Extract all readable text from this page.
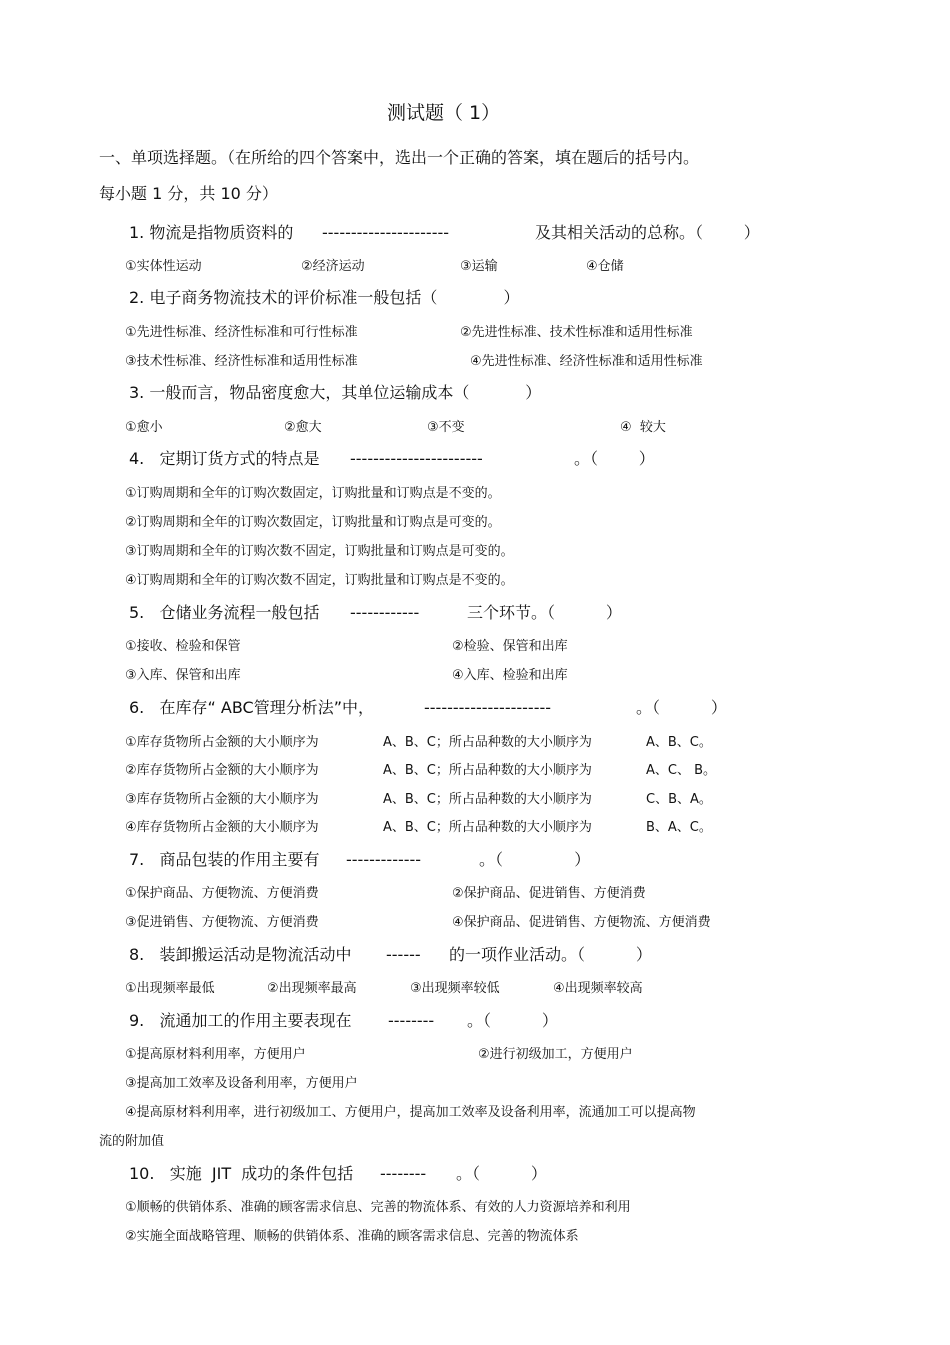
测试题（ 1）
一、单项选择题。（在所给的四个答案中，选出一个正确的答案，填在题后的括号内。
每小题 1 分，共 10 分）
1. 物流是指物质资料的 ----------------------	及其相关活动的总称。（        ）
①实体性运动	②经济运动	③运输	④仓储
2. 电子商务物流技术的评价标准一般包括（             ）
①先进性标准、经济性标准和可行性标准	②先进性标准、技术性标准和适用性标准
③技术性标准、经济性标准和适用性标准	④先进性标准、经济性标准和适用性标准
3. 一般而言，物品密度愈大，其单位运输成本（           ）
①愈小	②愈大	③不变	④  较大
4.   定期订货方式的特点是 -----------------------	。（        ）
①订购周期和全年的订购次数固定，订购批量和订购点是不变的。
②订购周期和全年的订购次数固定，订购批量和订购点是可变的。
③订购周期和全年的订购次数不固定，订购批量和订购点是可变的。
④订购周期和全年的订购次数不固定，订购批量和订购点是不变的。
5.   仓储业务流程一般包括 ------------	三个环节。（          ）
①接收、检验和保管	②检验、保管和出库
③入库、保管和出库	④入库、检验和出库
6.   在库存“ ABC管理分析法”中，	----------------------	。（          ）
①库存货物所占金额的大小顺序为	A、B、C；所占品种数的大小顺序为	A、B、C。
②库存货物所占金额的大小顺序为	A、B、C；所占品种数的大小顺序为	A、C、 B。
③库存货物所占金额的大小顺序为	A、B、C；所占品种数的大小顺序为	C、B、A。
④库存货物所占金额的大小顺序为	A、B、C；所占品种数的大小顺序为	B、A、C。
7.   商品包装的作用主要有 -------------	。（              ）
①保护商品、方便物流、方便消费	②保护商品、促进销售、方便消费
③促进销售、方便物流、方便消费	④保护商品、促进销售、方便物流、方便消费
8.   装卸搬运活动是物流活动中 ------ 的一项作业活动。（          ）
①出现频率最低	②出现频率最高	③出现频率较低	④出现频率较高
9.   流通加工的作用主要表现在 -------- 。（          ）
①提高原材料利用率，方便用户	②进行初级加工，方便用户
③提高加工效率及设备利用率，方便用户
④提高原材料利用率，进行初级加工、方便用户，提高加工效率及设备利用率，流通加工可以提高物
流的附加值
10.   实施  JIT  成功的条件包括 -------- 。（          ）
①顺畅的供销体系、准确的顾客需求信息、完善的物流体系、有效的人力资源培养和利用
②实施全面战略管理、顺畅的供销体系、准确的顾客需求信息、完善的物流体系
